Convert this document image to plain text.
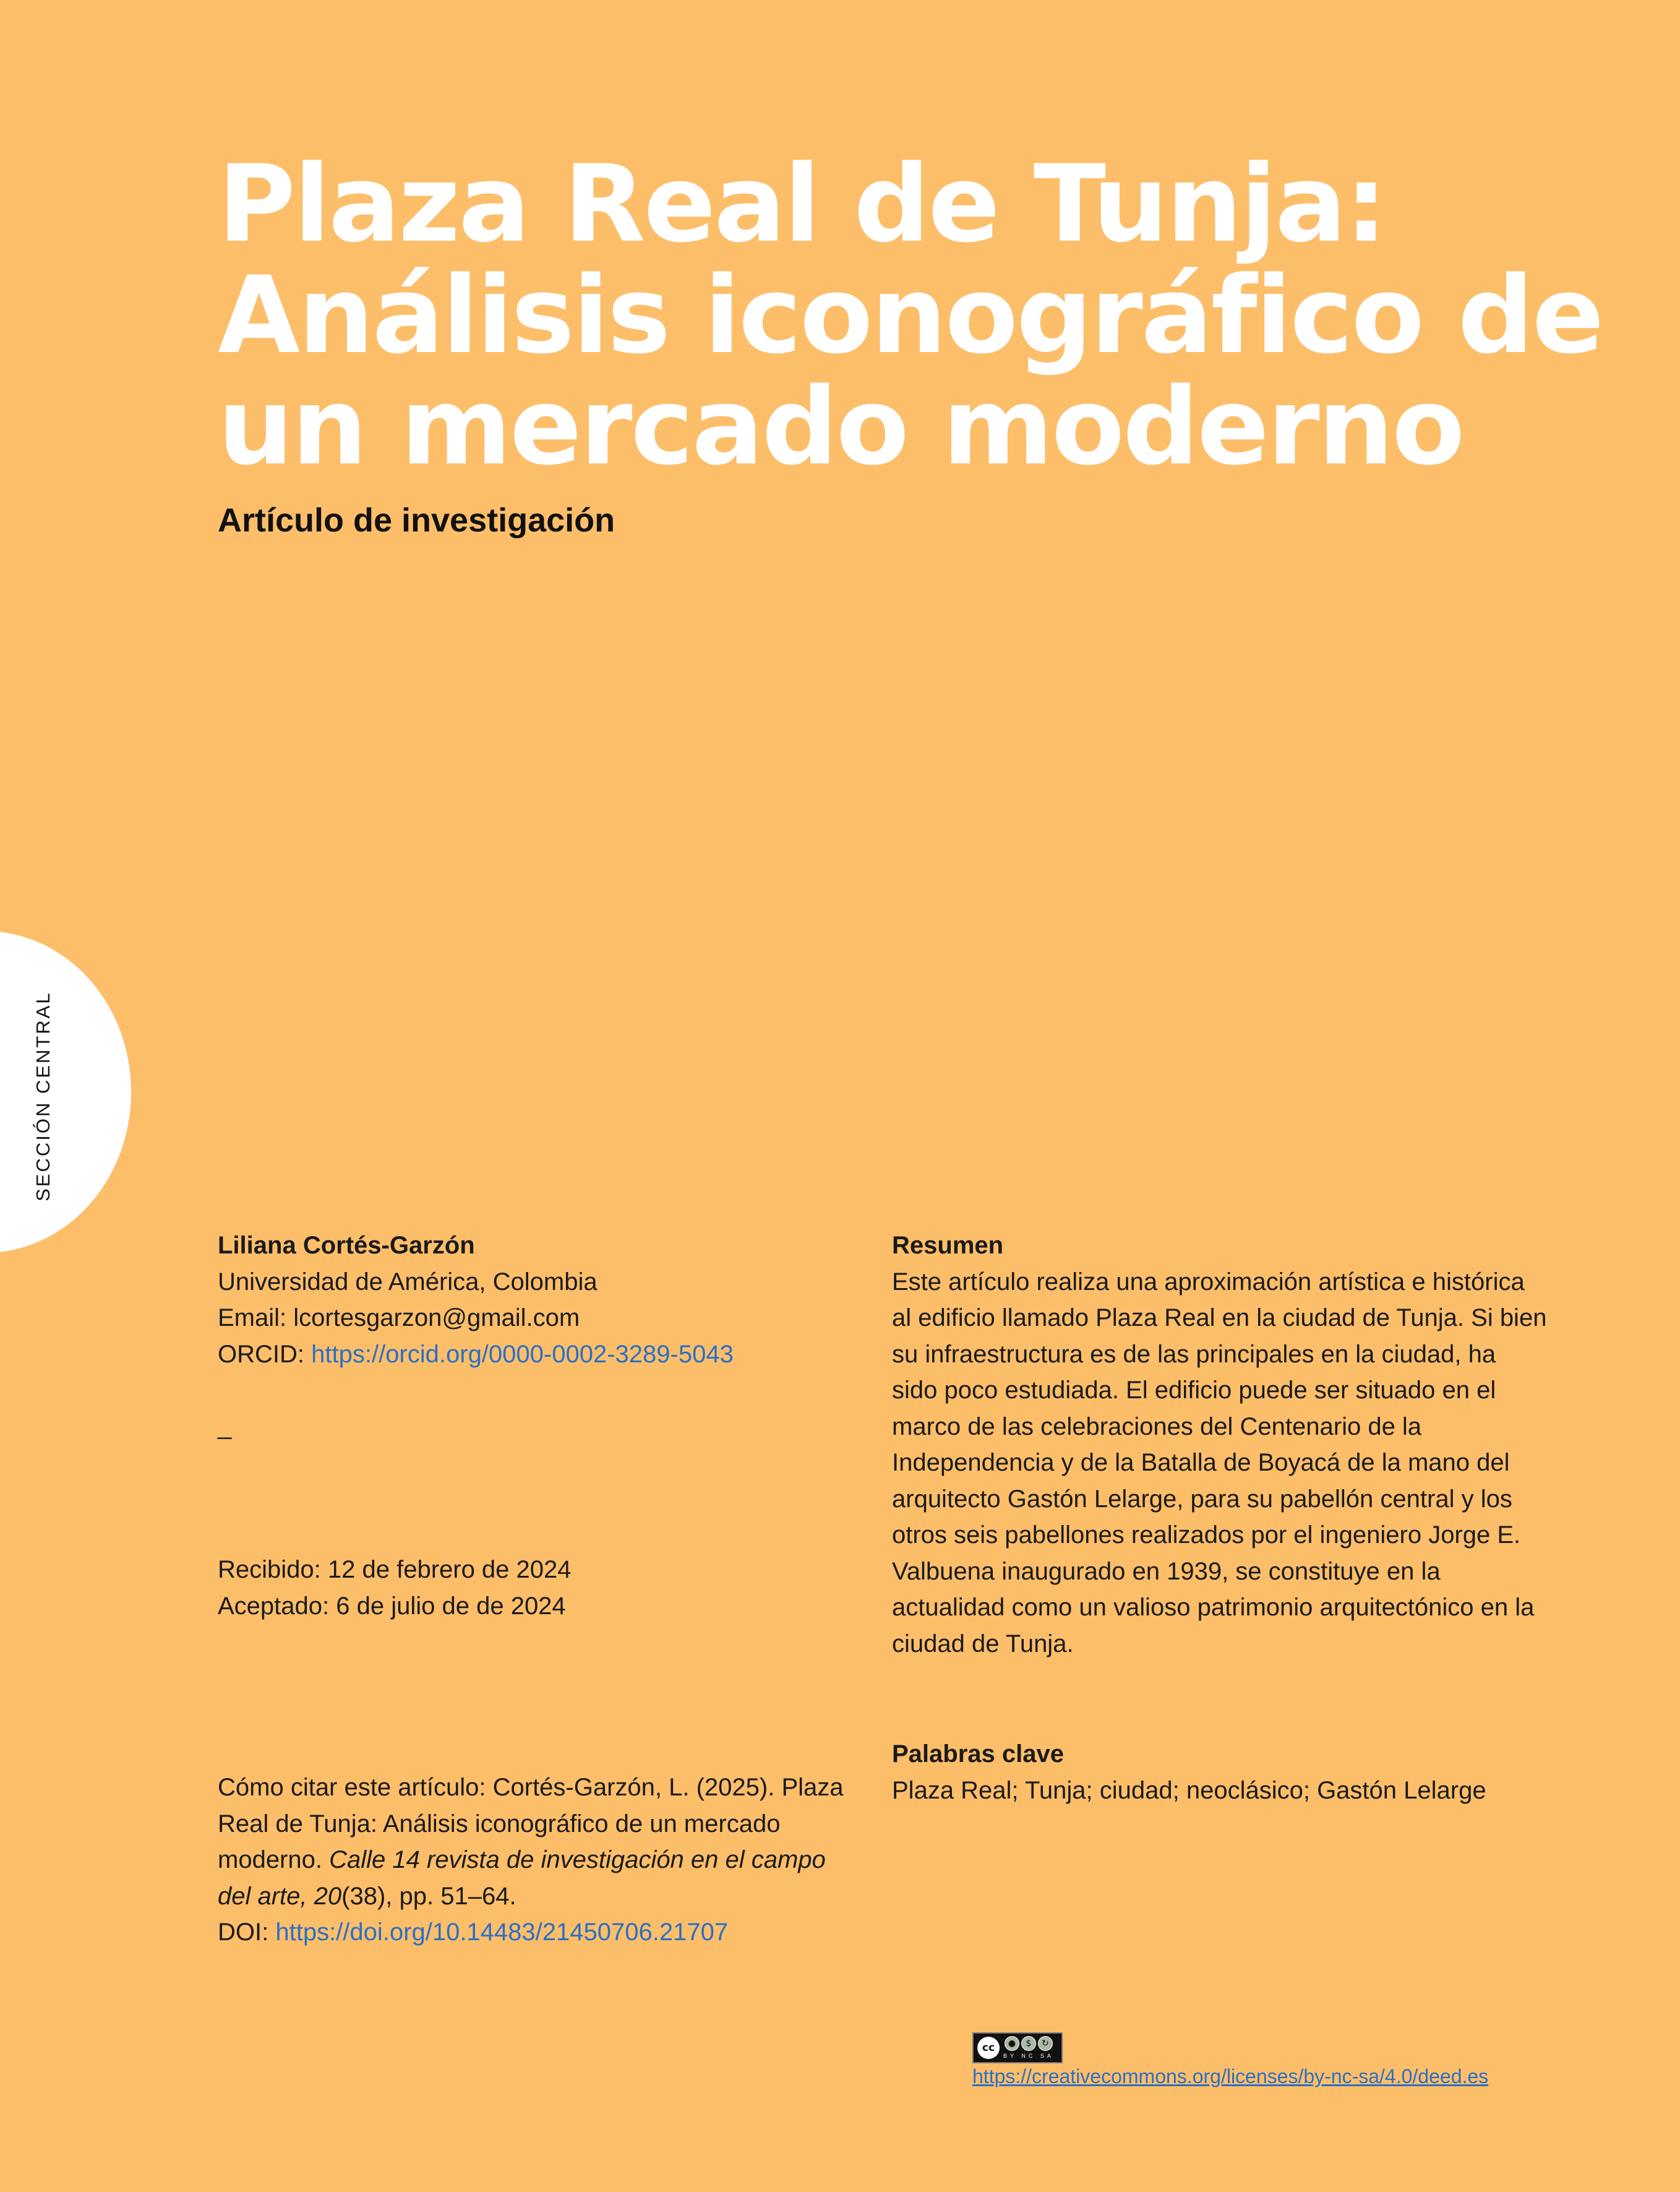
Plaza Real de Tunja:
Análisis iconográfico de
un mercado moderno
Artículo de investigación
SECCIÓN CENTRAL

Liliana Cortés-Garzón

Universidad de América, Colombia

Email: lcortesgarzon@gmail.com

ORCID: https://orcid.org/0000-0002-3289-5043

_

Recibido: 12 de febrero de 2024

Aceptado: 6 de julio de de 2024

Cómo citar este artículo: Cortés-Garzón, L. (2025). Plaza Real de Tunja: Análisis iconográfico de un mercado moderno. Calle 14 revista de investigación en el campo del arte, 20(38), pp. 51–64.

DOI: https://doi.org/10.14483/21450706.21707

Resumen

Este artículo realiza una aproximación artística e histórica al edificio llamado Plaza Real en la ciudad de Tunja. Si bien su infraestructura es de las principales en la ciudad, ha sido poco estudiada. El edificio puede ser situado en el marco de las celebraciones del Centenario de la Independencia y de la Batalla de Boyacá de la mano del arquitecto Gastón Lelarge, para su pabellón central y los otros seis pabellones realizados por el ingeniero Jorge E. Valbuena inaugurado en 1939, se constituye en la actualidad como un valioso patrimonio arquitectónico en la ciudad de Tunja.

Palabras clave

Plaza Real; Tunja; ciudad; neoclásico; Gastón Lelarge

cc	●	$	↻
BY NC SA
https://creativecommons.org/licenses/by-nc-sa/4.0/deed.es
